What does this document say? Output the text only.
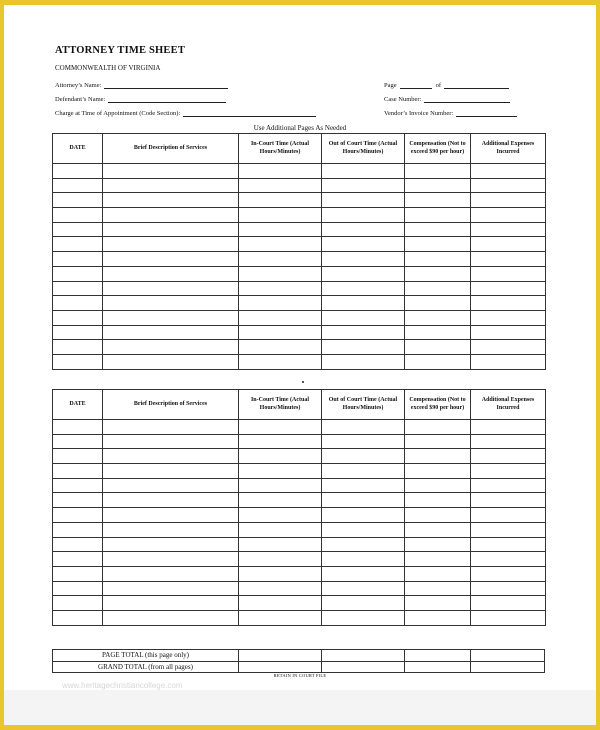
ATTORNEY TIME SHEET
COMMONWEALTH OF VIRGINIA
Attorney’s Name:
Defendant’s Name:
Charge at Time of Appointment (Code Section):
Page	of
Case Number:
Vendor’s Invoice Number:
Use Additional Pages As Needed
DATE	Brief Description of Services	In-Court Time (Actual Hours/Minutes)	Out of Court Time (Actual Hours/Minutes)	Compensation (Not to exceed $90 per hour)	Additional Expenses Incurred

DATE	Brief Description of Services	In-Court Time (Actual Hours/Minutes)	Out of Court Time (Actual Hours/Minutes)	Compensation (Not to exceed $90 per hour)	Additional Expenses Incurred

PAGE TOTAL (this page only)				
GRAND TOTAL (from all pages)				
RETAIN IN COURT FILE
www.heritagechristiancollege.com
